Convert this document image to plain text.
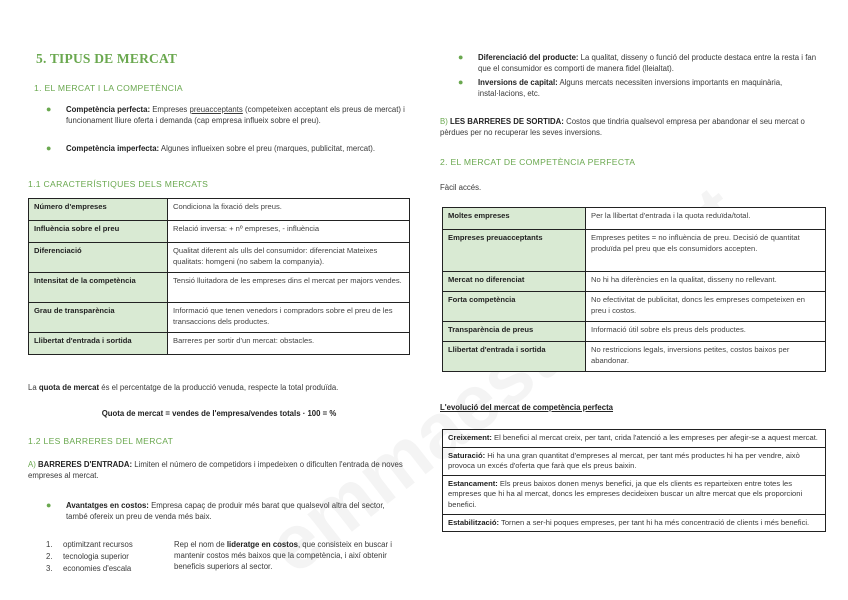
5. TIPUS DE MERCAT
1. EL MERCAT I LA COMPETÈNCIA
● Competència perfecta: Empreses preuacceptants (competeixen acceptant els preus de mercat) i funcionament lliure oferta i demanda (cap empresa influeix sobre el preu).
● Competència imperfecta: Algunes influeixen sobre el preu (marques, publicitat, mercat).
1.1 CARACTERÍSTIQUES DELS MERCATS
Número d'empreses	Condiciona la fixació dels preus.
Influència sobre el preu	Relació inversa: + nº empreses, - influència
Diferenciació	Qualitat diferent als ulls del consumidor: diferenciat Mateixes qualitats: homgeni (no sabem la companyia).
Intensitat de la competència	Tensió lluitadora de les empreses dins el mercat per majors vendes.
Grau de transparència	Informació que tenen venedors i compradors sobre el preu de les transaccions dels productes.
Llibertat d'entrada i sortida	Barreres per sortir d'un mercat: obstacles.
La quota de mercat és el percentatge de la producció venuda, respecte la total produïda.
Quota de mercat = vendes de l'empresa/vendes totals · 100 = %
1.2 LES BARRERES DEL MERCAT
A) BARRERES D'ENTRADA: Limiten el número de competidors i impedeixen o dificulten l'entrada de noves empreses al mercat.
● Avantatges en costos: Empresa capaç de produir més barat que qualsevol altra del sector, també ofereix un preu de venda més baix.
1.	optimitzant recursos
2.	tecnologia superior
3.	economies d'escala
Rep el nom de lideratge en costos, que consisteix en buscar i mantenir costos més baixos que la competència, i així obtenir beneficis superiors al sector.
● Diferenciació del producte: La qualitat, disseny o funció del producte destaca entre la resta i fan que el consumidor es comporti de manera fidel (lleialtat).
● Inversions de capital: Alguns mercats necessiten inversions importants en maquinària, instal·lacions, etc.
B) LES BARRERES DE SORTIDA: Costos que tindria qualsevol empresa per abandonar el seu mercat o pèrdues per no recuperar les seves inversions.
2. EL MERCAT DE COMPETÈNCIA PERFECTA
Fàcil accés.
Moltes empreses	Per la llibertat d'entrada i la quota reduïda/total.
Empreses preuacceptants	Empreses petites = no influència de preu. Decisió de quantitat produïda pel preu que els consumidors accepten.
Mercat no diferenciat	No hi ha diferències en la qualitat, disseny no rellevant.
Forta competència	No efectivitat de publicitat, doncs les empreses competeixen en preu i costos.
Transparència de preus	Informació útil sobre els preus dels productes.
Llibertat d'entrada i sortida	No restriccions legals, inversions petites, costos baixos per abandonar.
L'evolució del mercat de competència perfecta
Creixement: El benefici al mercat creix, per tant, crida l'atenció a les empreses per afegir-se a aquest mercat.
Saturació: Hi ha una gran quantitat d'empreses al mercat, per tant més productes hi ha per vendre, això provoca un excés d'oferta que farà que els preus baixin.
Estancament: Els preus baixos donen menys benefici, ja que els clients es reparteixen entre totes les empreses que hi ha al mercat, doncs les empreses decideixen buscar un altre mercat que els proporcioni benefici.
Estabilització: Tornen a ser-hi poques empreses, per tant hi ha més concentració de clients i més benefici.
